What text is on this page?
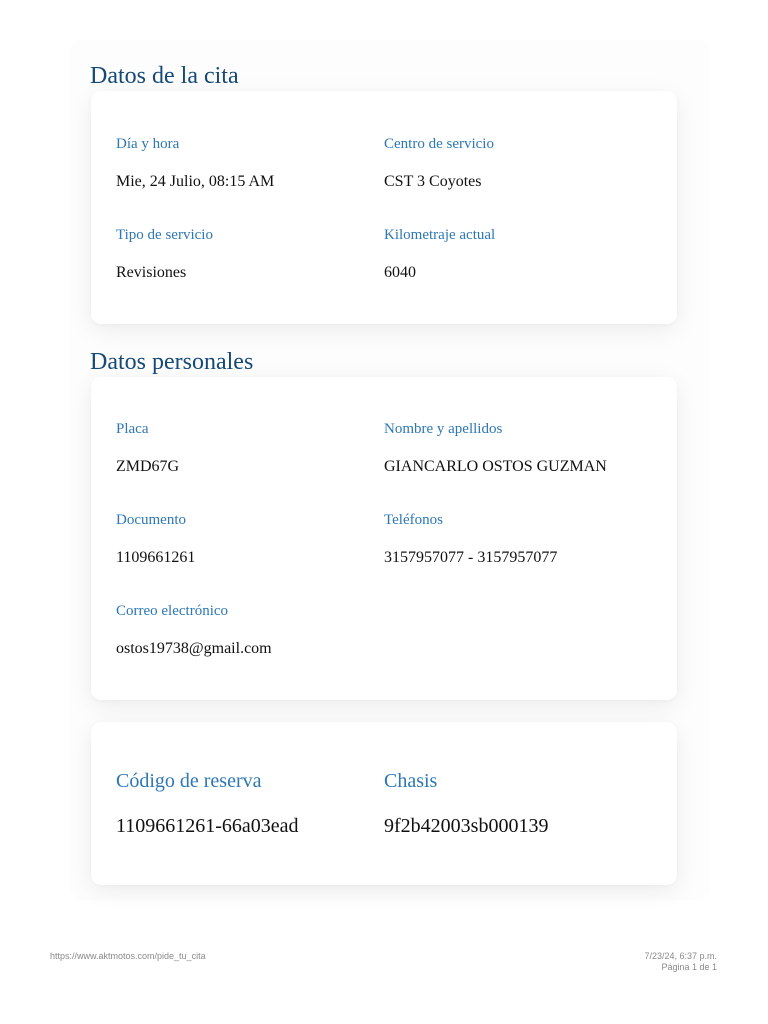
Datos de la cita
Día y hora
Mie, 24 Julio, 08:15 AM
Centro de servicio
CST 3 Coyotes
Tipo de servicio
Revisiones
Kilometraje actual
6040
Datos personales
Placa
ZMD67G
Nombre y apellidos
GIANCARLO OSTOS GUZMAN
Documento
1109661261
Teléfonos
3157957077 - 3157957077
Correo electrónico
ostos19738@gmail.com
Código de reserva
1109661261-66a03ead
Chasis
9f2b42003sb000139
https://www.aktmotos.com/pide_tu_cita	7/23/24, 6:37 p.m.
Página 1 de 1
